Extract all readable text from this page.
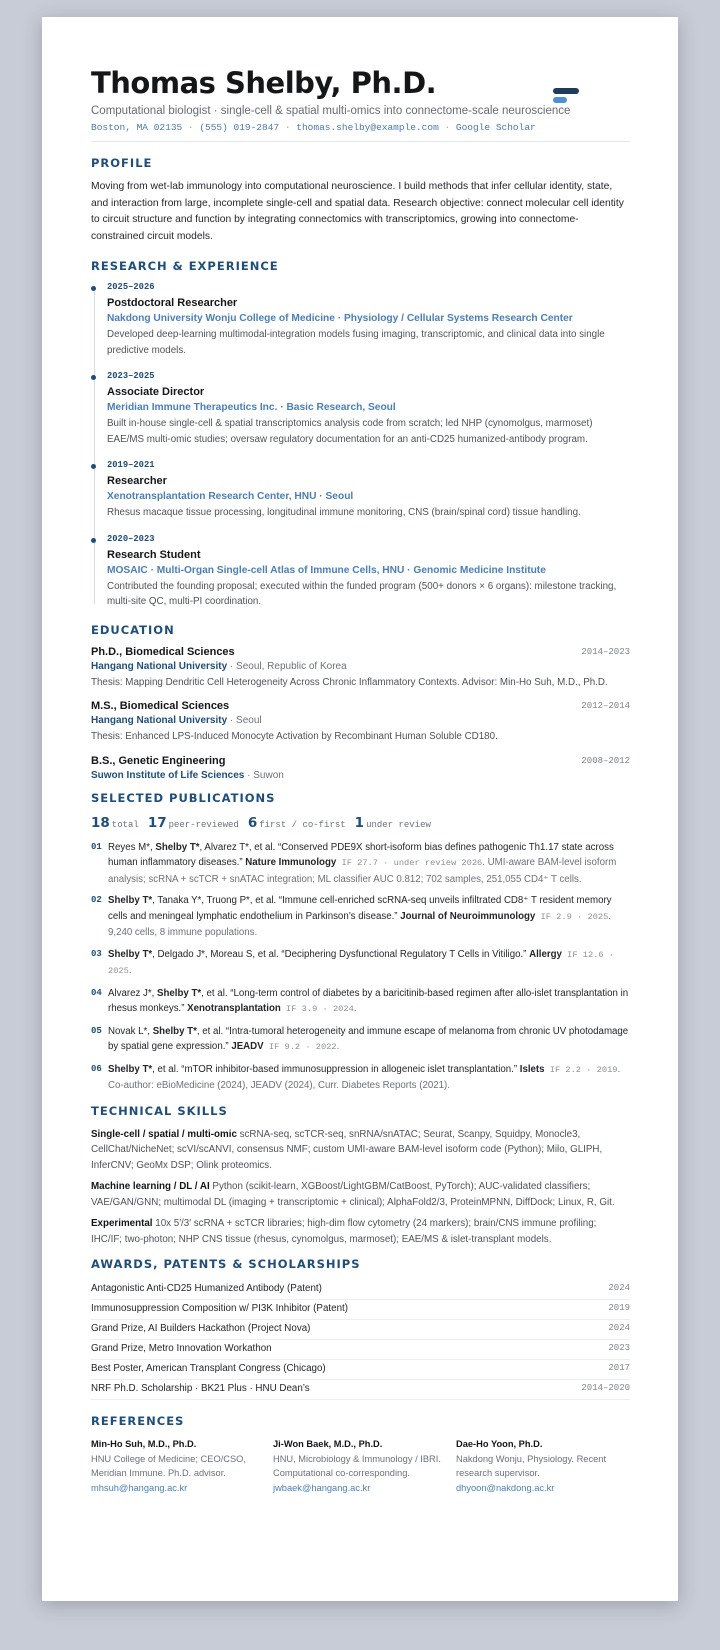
Thomas Shelby, Ph.D.
Computational biologist · single-cell & spatial multi-omics into connectome-scale neuroscience
Boston, MA 02135 · (555) 019-2847 · thomas.shelby@example.com · Google Scholar
PROFILE
Moving from wet-lab immunology into computational neuroscience. I build methods that infer cellular identity, state, and interaction from large, incomplete single-cell and spatial data. Research objective: connect molecular cell identity to circuit structure and function by integrating connectomics with transcriptomics, growing into connectome-constrained circuit models.
RESEARCH & EXPERIENCE
2025–2026
Postdoctoral Researcher
Nakdong University Wonju College of Medicine · Physiology / Cellular Systems Research Center
Developed deep-learning multimodal-integration models fusing imaging, transcriptomic, and clinical data into single predictive models.
2023–2025
Associate Director
Meridian Immune Therapeutics Inc. · Basic Research, Seoul
Built in-house single-cell & spatial transcriptomics analysis code from scratch; led NHP (cynomolgus, marmoset) EAE/MS multi-omic studies; oversaw regulatory documentation for an anti-CD25 humanized-antibody program.
2019–2021
Researcher
Xenotransplantation Research Center, HNU · Seoul
Rhesus macaque tissue processing, longitudinal immune monitoring, CNS (brain/spinal cord) tissue handling.
2020–2023
Research Student
MOSAIC · Multi-Organ Single-cell Atlas of Immune Cells, HNU · Genomic Medicine Institute
Contributed the founding proposal; executed within the funded program (500+ donors × 6 organs): milestone tracking, multi-site QC, multi-PI coordination.
EDUCATION
Ph.D., Biomedical Sciences	2014–2023
Hangang National University · Seoul, Republic of Korea
Thesis: Mapping Dendritic Cell Heterogeneity Across Chronic Inflammatory Contexts. Advisor: Min-Ho Suh, M.D., Ph.D.
M.S., Biomedical Sciences	2012–2014
Hangang National University · Seoul
Thesis: Enhanced LPS-Induced Monocyte Activation by Recombinant Human Soluble CD180.
B.S., Genetic Engineering	2008–2012
Suwon Institute of Life Sciences · Suwon
SELECTED PUBLICATIONS
18 total 17 peer-reviewed 6 first / co-first 1 under review
01 Reyes M*, Shelby T*, Alvarez T*, et al. “Conserved PDE9X short-isoform bias defines pathogenic Th1.17 state across human inflammatory diseases.” Nature Immunology IF 27.7 · under review 2026. UMI-aware BAM-level isoform analysis; scRNA + scTCR + snATAC integration; ML classifier AUC 0.812; 702 samples, 251,055 CD4⁺ T cells.
02 Shelby T*, Tanaka Y*, Truong P*, et al. “Immune cell-enriched scRNA-seq unveils infiltrated CD8⁺ T resident memory cells and meningeal lymphatic endothelium in Parkinson’s disease.” Journal of Neuroimmunology IF 2.9 · 2025. 9,240 cells, 8 immune populations.
03 Shelby T*, Delgado J*, Moreau S, et al. “Deciphering Dysfunctional Regulatory T Cells in Vitiligo.” Allergy IF 12.6 · 2025.
04 Alvarez J*, Shelby T*, et al. “Long-term control of diabetes by a baricitinib-based regimen after allo-islet transplantation in rhesus monkeys.” Xenotransplantation IF 3.9 · 2024.
05 Novak L*, Shelby T*, et al. “Intra-tumoral heterogeneity and immune escape of melanoma from chronic UV photodamage by spatial gene expression.” JEADV IF 9.2 · 2022.
06 Shelby T*, et al. “mTOR inhibitor-based immunosuppression in allogeneic islet transplantation.” Islets IF 2.2 · 2019. Co-author: eBioMedicine (2024), JEADV (2024), Curr. Diabetes Reports (2021).
TECHNICAL SKILLS
Single-cell / spatial / multi-omic scRNA-seq, scTCR-seq, snRNA/snATAC; Seurat, Scanpy, Squidpy, Monocle3, CellChat/NicheNet; scVI/scANVI, consensus NMF; custom UMI-aware BAM-level isoform code (Python); Milo, GLIPH, InferCNV; GeoMx DSP; Olink proteomics.
Machine learning / DL / AI Python (scikit-learn, XGBoost/LightGBM/CatBoost, PyTorch); AUC-validated classifiers; VAE/GAN/GNN; multimodal DL (imaging + transcriptomic + clinical); AlphaFold2/3, ProteinMPNN, DiffDock; Linux, R, Git.
Experimental 10x 5′/3′ scRNA + scTCR libraries; high-dim flow cytometry (24 markers); brain/CNS immune profiling; IHC/IF; two-photon; NHP CNS tissue (rhesus, cynomolgus, marmoset); EAE/MS & islet-transplant models.
AWARDS, PATENTS & SCHOLARSHIPS
Antagonistic Anti-CD25 Humanized Antibody (Patent)	2024
Immunosuppression Composition w/ PI3K Inhibitor (Patent)	2019
Grand Prize, AI Builders Hackathon (Project Nova)	2024
Grand Prize, Metro Innovation Workathon	2023
Best Poster, American Transplant Congress (Chicago)	2017
NRF Ph.D. Scholarship · BK21 Plus · HNU Dean’s	2014–2020
REFERENCES
Min-Ho Suh, M.D., Ph.D.
HNU College of Medicine; CEO/CSO, Meridian Immune. Ph.D. advisor.
mhsuh@hangang.ac.kr
Ji-Won Baek, M.D., Ph.D.
HNU, Microbiology & Immunology / IBRI. Computational co-corresponding.
jwbaek@hangang.ac.kr
Dae-Ho Yoon, Ph.D.
Nakdong Wonju, Physiology. Recent research supervisor.
dhyoon@nakdong.ac.kr
